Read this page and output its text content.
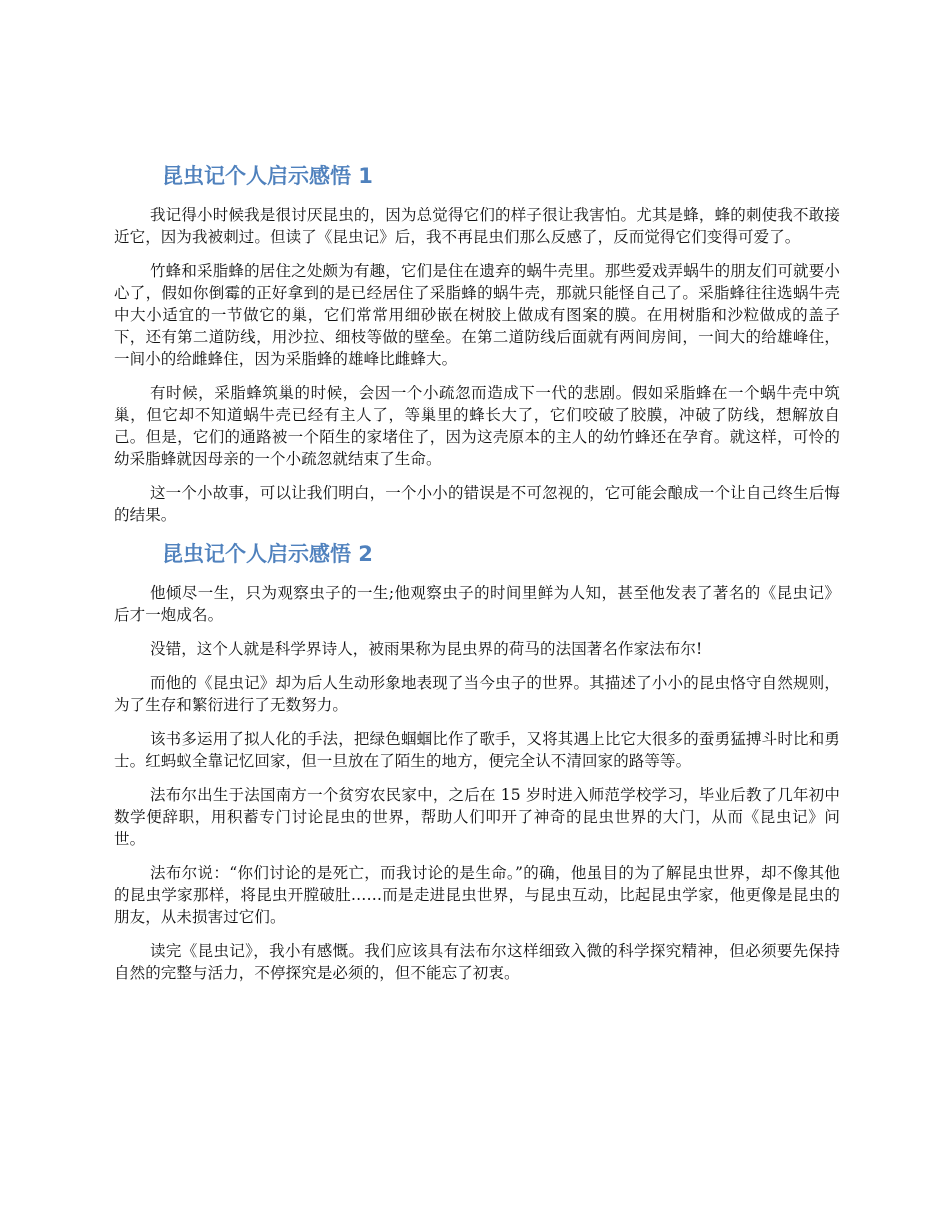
昆虫记个人启示感悟 1

我记得小时候我是很讨厌昆虫的，因为总觉得它们的样子很让我害怕。尤其是蜂，蜂的刺使我不敢接近它，因为我被刺过。但读了《昆虫记》后，我不再昆虫们那么反感了，反而觉得它们变得可爱了。

竹蜂和采脂蜂的居住之处颇为有趣，它们是住在遗弃的蜗牛壳里。那些爱戏弄蜗牛的朋友们可就要小心了，假如你倒霉的正好拿到的是已经居住了采脂蜂的蜗牛壳，那就只能怪自己了。采脂蜂往往选蜗牛壳中大小适宜的一节做它的巢，它们常常用细砂嵌在树胶上做成有图案的膜。在用树脂和沙粒做成的盖子下，还有第二道防线，用沙拉、细枝等做的壁垒。在第二道防线后面就有两间房间，一间大的给雄峰住，一间小的给雌蜂住，因为采脂蜂的雄峰比雌蜂大。

有时候，采脂蜂筑巢的时候，会因一个小疏忽而造成下一代的悲剧。假如采脂蜂在一个蜗牛壳中筑巢，但它却不知道蜗牛壳已经有主人了，等巢里的蜂长大了，它们咬破了胶膜，冲破了防线，想解放自己。但是，它们的通路被一个陌生的家堵住了，因为这壳原本的主人的幼竹蜂还在孕育。就这样，可怜的幼采脂蜂就因母亲的一个小疏忽就结束了生命。

这一个小故事，可以让我们明白，一个小小的错误是不可忽视的，它可能会酿成一个让自己终生后悔的结果。

昆虫记个人启示感悟 2

他倾尽一生，只为观察虫子的一生;他观察虫子的时间里鲜为人知，甚至他发表了著名的《昆虫记》后才一炮成名。

没错，这个人就是科学界诗人，被雨果称为昆虫界的荷马的法国著名作家法布尔!

而他的《昆虫记》却为后人生动形象地表现了当今虫子的世界。其描述了小小的昆虫恪守自然规则，为了生存和繁衍进行了无数努力。

该书多运用了拟人化的手法，把绿色蝈蝈比作了歌手，又将其遇上比它大很多的蚕勇猛搏斗时比和勇士。红蚂蚁全靠记忆回家，但一旦放在了陌生的地方，便完全认不清回家的路等等。

法布尔出生于法国南方一个贫穷农民家中，之后在 15 岁时进入师范学校学习，毕业后教了几年初中数学便辞职，用积蓄专门讨论昆虫的世界，帮助人们叩开了神奇的昆虫世界的大门，从而《昆虫记》问世。

法布尔说：“你们讨论的是死亡，而我讨论的是生命。”的确，他虽目的为了解昆虫世界，却不像其他的昆虫学家那样，将昆虫开膛破肚……而是走进昆虫世界，与昆虫互动，比起昆虫学家，他更像是昆虫的朋友，从未损害过它们。

读完《昆虫记》，我小有感慨。我们应该具有法布尔这样细致入微的科学探究精神，但必须要先保持自然的完整与活力，不停探究是必须的，但不能忘了初衷。
